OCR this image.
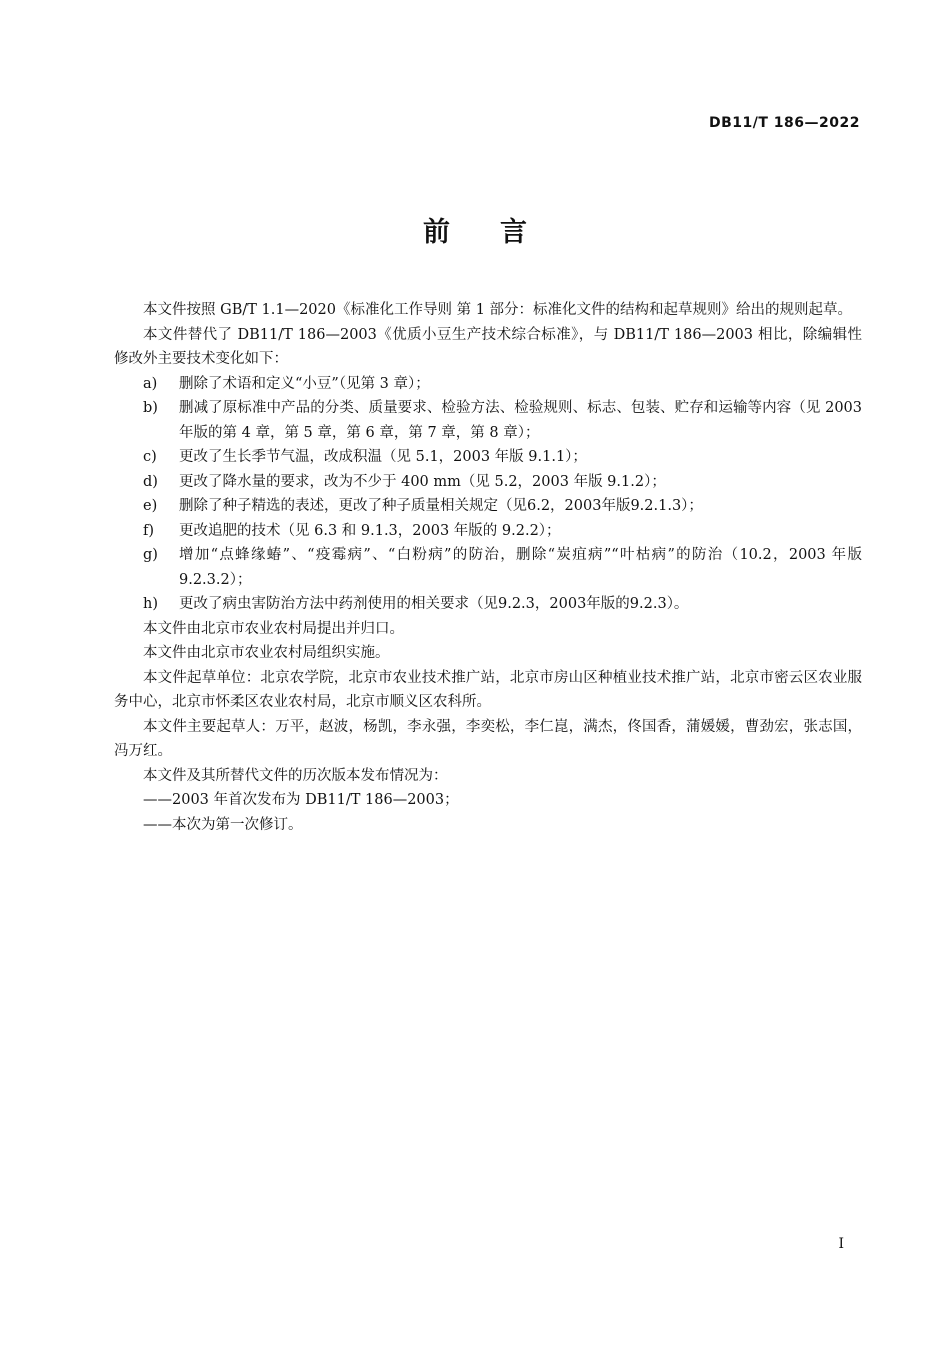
DB11/T 186—2022
前言

本文件按照 GB/T 1.1—2020《标准化工作导则 第 1 部分：标准化文件的结构和起草规则》给出的规则起草。

本文件替代了 DB11/T 186—2003《优质小豆生产技术综合标准》，与 DB11/T 186—2003 相比，除编辑性修改外主要技术变化如下：

a)	删除了术语和定义“小豆”（见第 3 章）；
b)	删减了原标准中产品的分类、质量要求、检验方法、检验规则、标志、包装、贮存和运输等内容（见 2003 年版的第 4 章，第 5 章，第 6 章，第 7 章，第 8 章）；
c)	更改了生长季节气温，改成积温（见 5.1，2003 年版 9.1.1）；
d)	更改了降水量的要求，改为不少于 400 mm（见 5.2，2003 年版 9.1.2）；
e)	删除了种子精选的表述，更改了种子质量相关规定（见6.2，2003年版9.2.1.3）；
f)	更改追肥的技术（见 6.3 和 9.1.3，2003 年版的 9.2.2）；
g)	增加“点蜂缘蝽”、“疫霉病”、“白粉病”的防治，删除“炭疽病”“叶枯病”的防治（10.2，2003 年版 9.2.3.2）；
h)	更改了病虫害防治方法中药剂使用的相关要求（见9.2.3，2003年版的9.2.3）。

本文件由北京市农业农村局提出并归口。

本文件由北京市农业农村局组织实施。

本文件起草单位：北京农学院，北京市农业技术推广站，北京市房山区种植业技术推广站，北京市密云区农业服务中心，北京市怀柔区农业农村局，北京市顺义区农科所。

本文件主要起草人：万平，赵波，杨凯，李永强，李奕松，李仁崑，满杰，佟国香，蒲媛媛，曹劲宏，张志国，冯万红。

本文件及其所替代文件的历次版本发布情况为：

——2003 年首次发布为 DB11/T 186—2003；

——本次为第一次修订。

I
